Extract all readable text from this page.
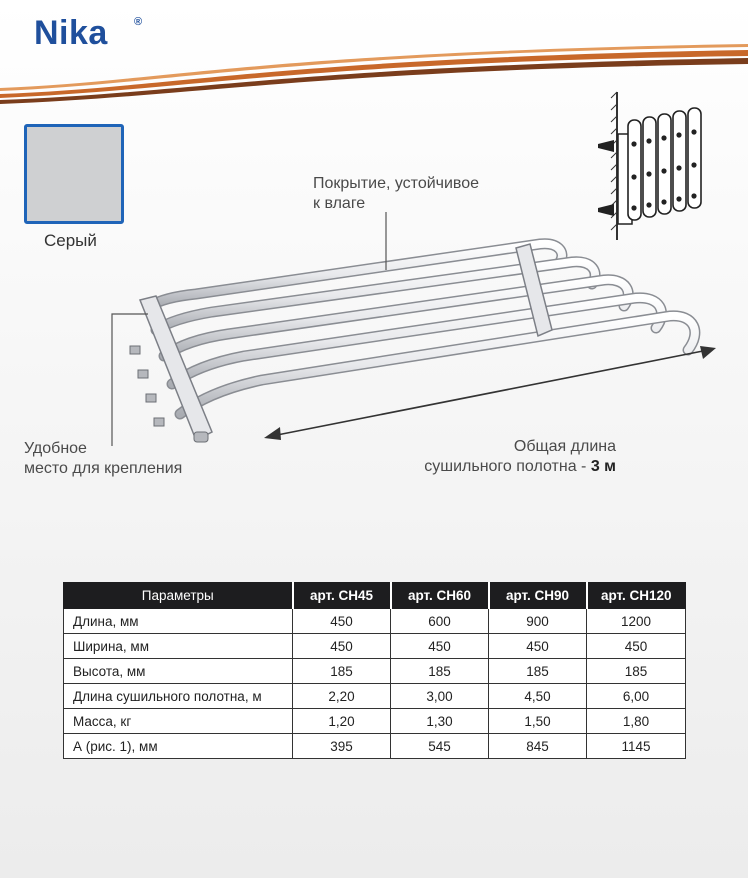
Nika ®
Серый
Покрытие, устойчивое
к влаге
Удобное
место для крепления
Общая длина
сушильного полотна - 3 м
Параметры	арт. СН45	арт. СН60	арт. СН90	арт. СН120
Длина, мм	450	600	900	1200
Ширина, мм	450	450	450	450
Высота, мм	185	185	185	185
Длина сушильного полотна, м	2,20	3,00	4,50	6,00
Масса, кг	1,20	1,30	1,50	1,80
А (рис. 1), мм	395	545	845	1145
